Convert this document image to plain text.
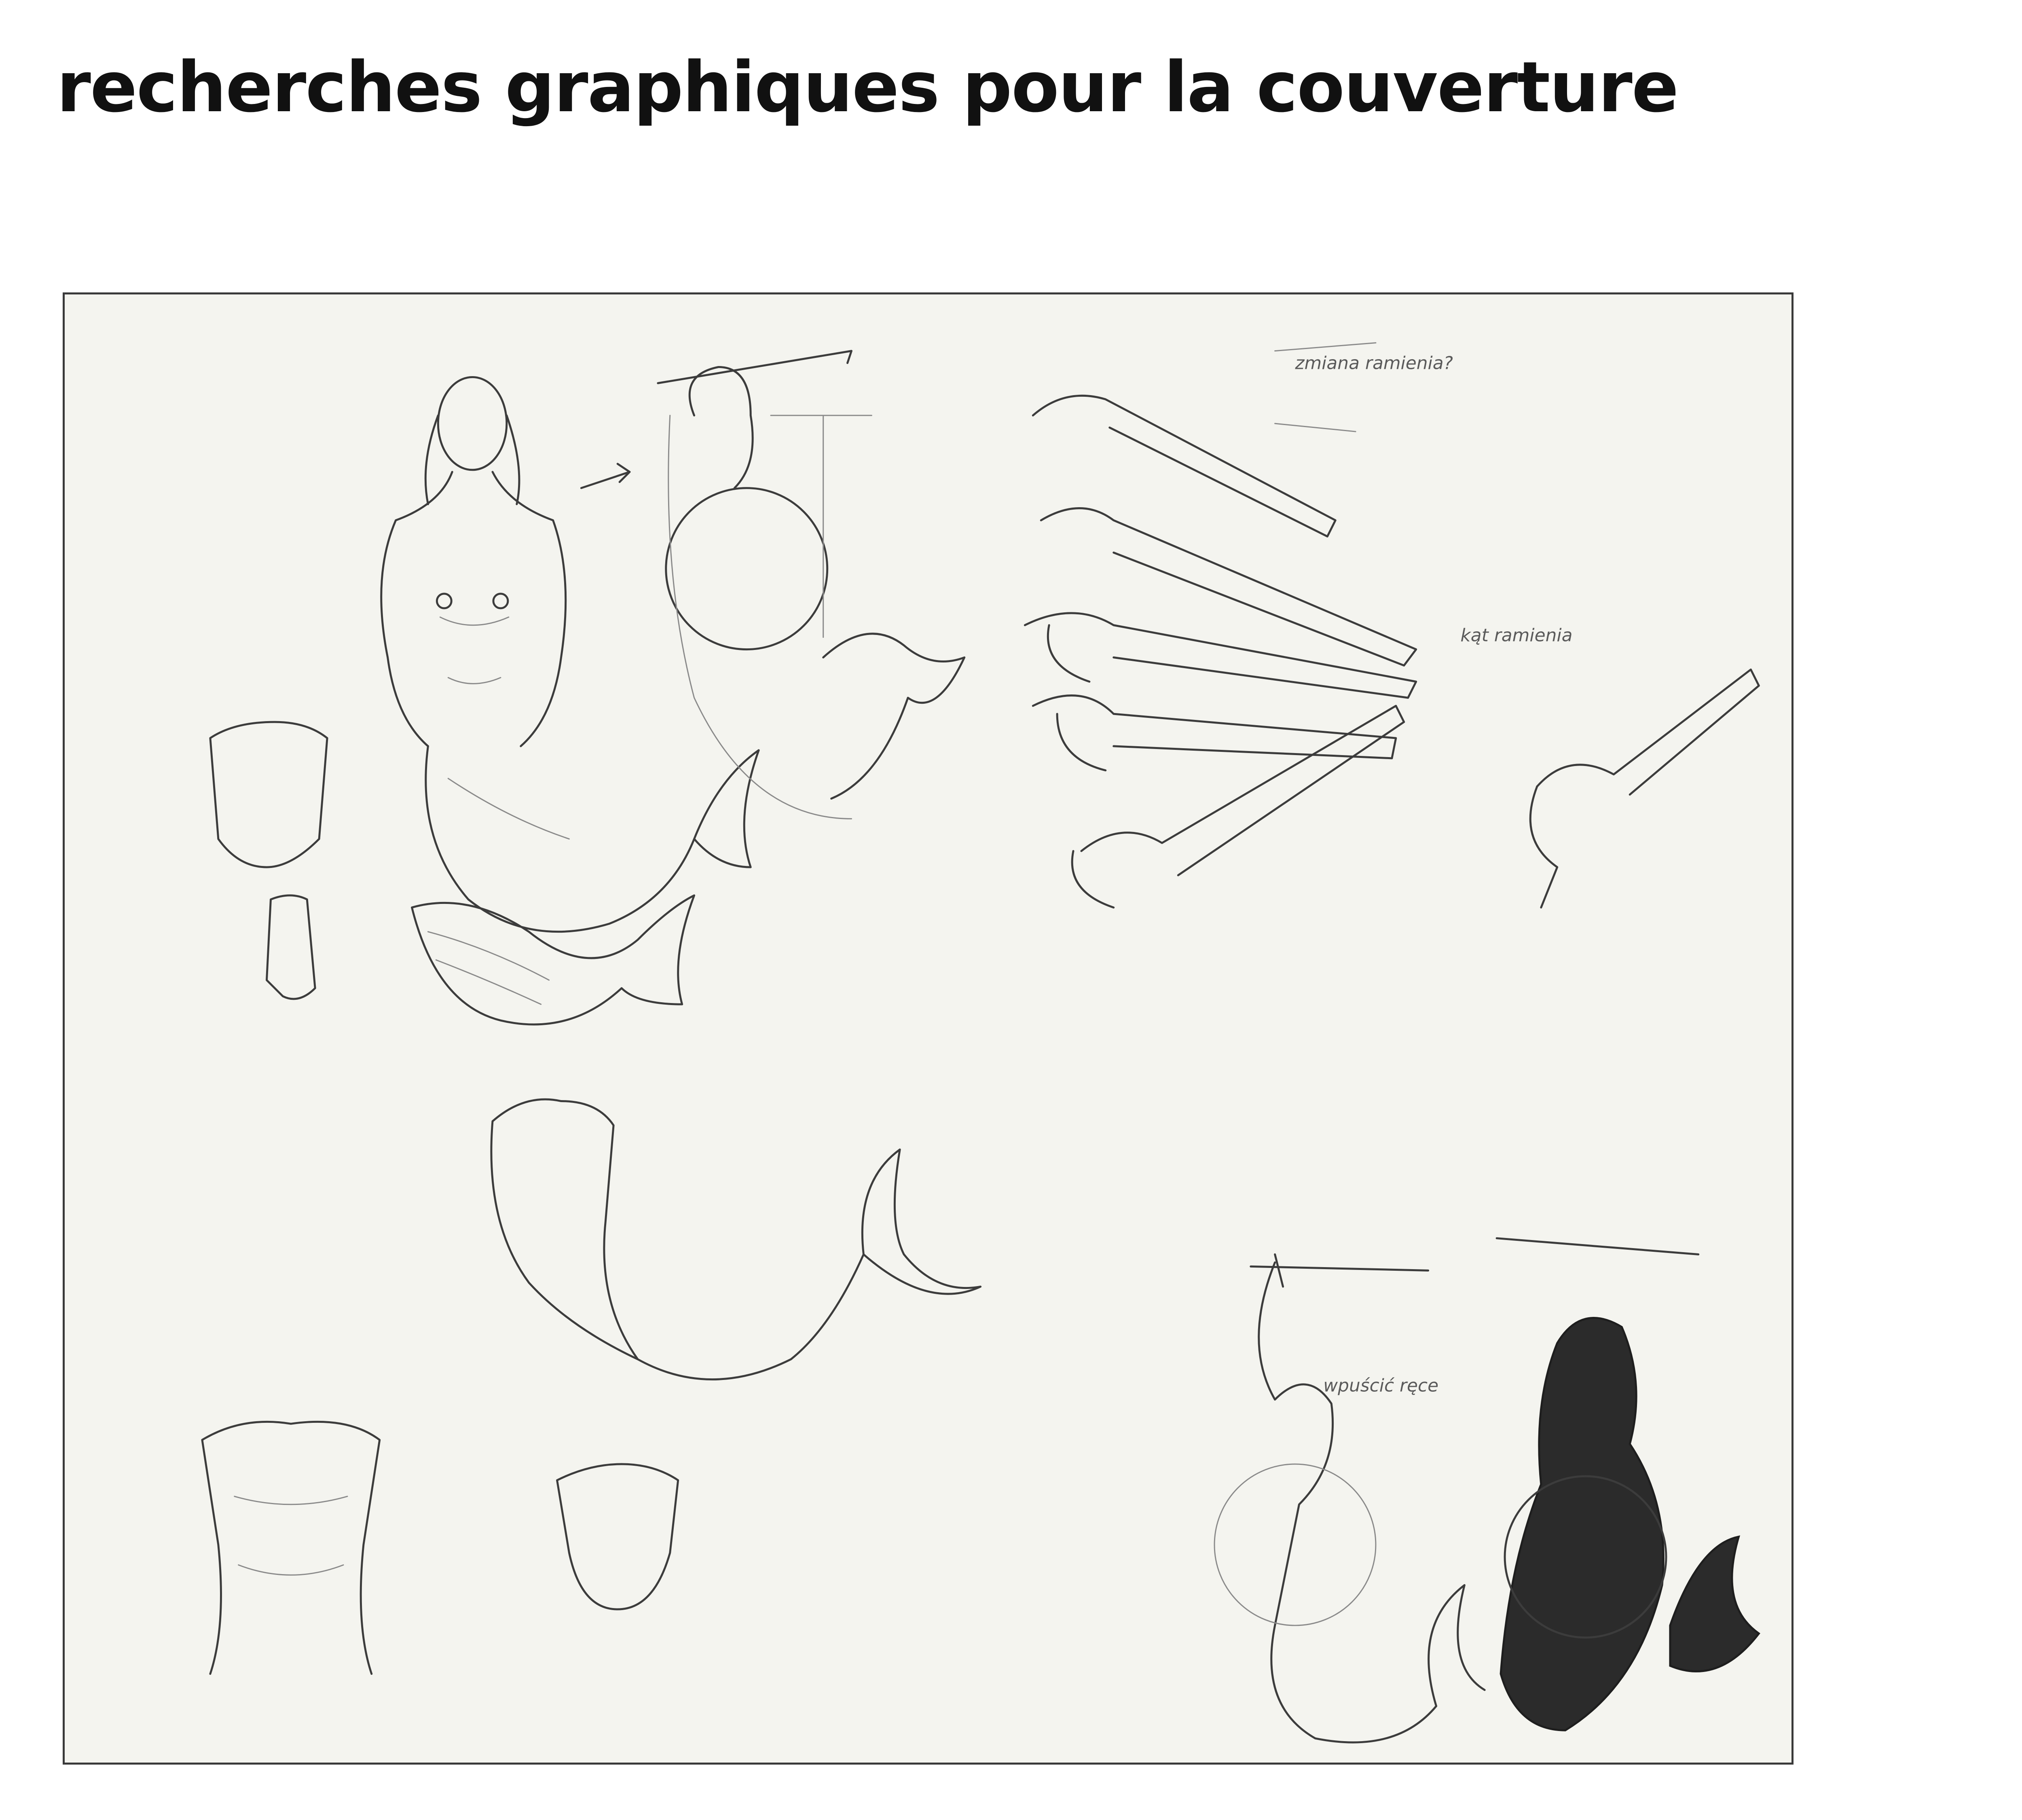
recherches graphiques pour la couverture
zmiana ramienia?
kąt ramienia
wpuścić ręce
